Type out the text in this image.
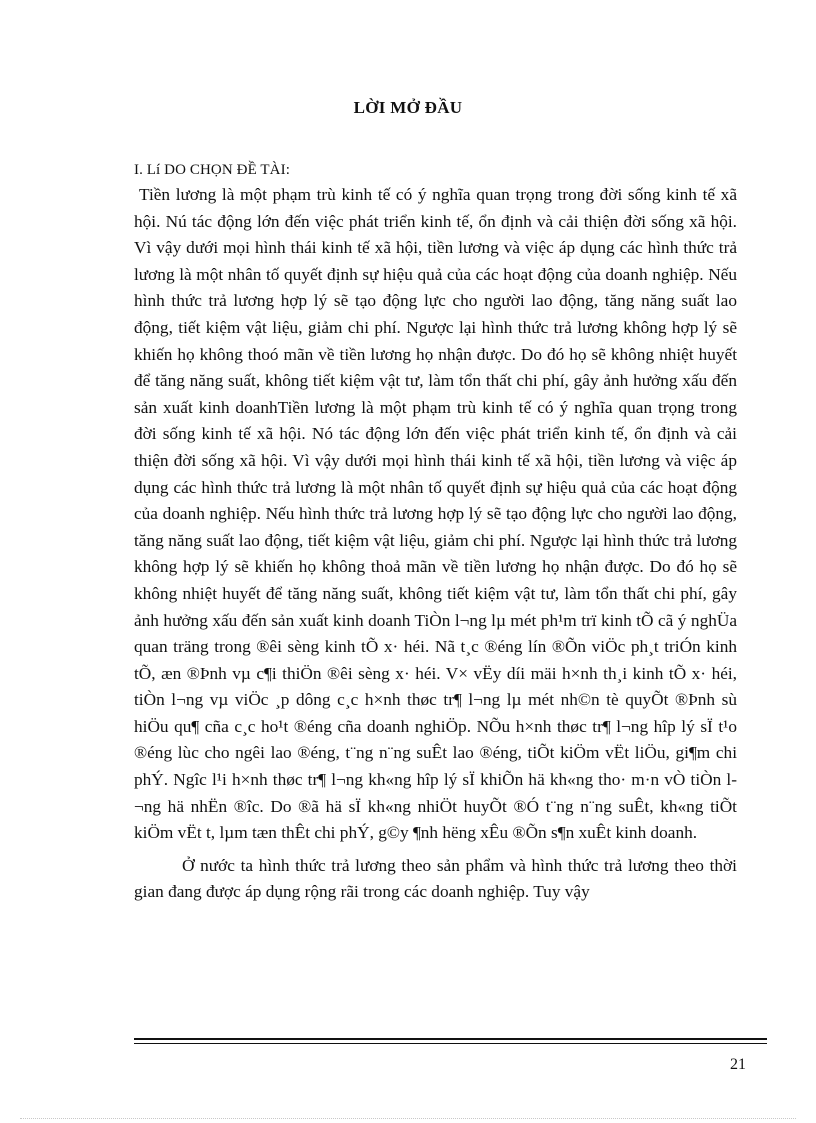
LỜI MỞ ĐẦU
I. Lí DO CHỌN ĐỀ TÀI:

Tiền lương là một phạm trù kinh tế có ý nghĩa quan trọng trong đời sống kinh tế xã hội. Nú tác động lớn đến việc phát triển kinh tế, ổn định và cải thiện đời sống xã hội. Vì vậy dưới mọi hình thái kinh tế xã hội, tiền lương và việc áp dụng các hình thức trả lương là một nhân tố quyết định sự hiệu quả của các hoạt động của doanh nghiệp. Nếu hình thức trả lương hợp lý sẽ tạo động lực cho người lao động, tăng năng suất lao động, tiết kiệm vật liệu, giảm chi phí. Ngược lại hình thức trả lương không hợp lý sẽ khiến họ không thoó mãn về tiền lương họ nhận được. Do đó họ sẽ không nhiệt huyết để tăng năng suất, không tiết kiệm vật tư, làm tổn thất chi phí, gây ảnh hưởng xấu đến sản xuất kinh doanhTiền lương là một phạm trù kinh tế có ý nghĩa quan trọng trong đời sống kinh tế xã hội. Nó tác động lớn đến việc phát triển kinh tế, ổn định và cải thiện đời sống xã hội. Vì vậy dưới mọi hình thái kinh tế xã hội, tiền lương và việc áp dụng các hình thức trả lương là một nhân tố quyết định sự hiệu quả của các hoạt động của doanh nghiệp. Nếu hình thức trả lương hợp lý sẽ tạo động lực cho người lao động, tăng năng suất lao động, tiết kiệm vật liệu, giảm chi phí. Ngược lại hình thức trả lương không hợp lý sẽ khiến họ không thoả mãn về tiền lương họ nhận được. Do đó họ sẽ không nhiệt huyết để tăng năng suất, không tiết kiệm vật tư, làm tổn thất chi phí, gây ảnh hưởng xấu đến sản xuất kinh doanh TiÒn l¬ng lµ mét ph¹m trï kinh tÕ cã ý nghÜa quan träng trong ®êi sèng kinh tÕ x· héi. Nã t¸c ®éng lín ®Õn viÖc ph¸t triÓn kinh tÕ, æn ®Þnh vµ c¶i thiÖn ®êi sèng x· héi. V× vËy díi mäi h×nh th¸i kinh tÕ x· héi, tiÒn l¬ng vµ viÖc ¸p dông c¸c h×nh thøc tr¶ l¬ng lµ mét nh©n tè quyÕt ®Þnh sù hiÖu qu¶ cña c¸c ho¹t ®éng cña doanh nghiÖp. NÕu h×nh thøc tr¶ l¬ng hîp lý sÏ t¹o ®éng lùc cho ngêi lao ®éng, t¨ng n¨ng suÊt lao ®éng, tiÕt kiÖm vËt liÖu, gi¶m chi phÝ. Ngîc l¹i h×nh thøc tr¶ l¬ng kh«ng hîp lý sÏ khiÕn hä kh«ng tho· m·n vÒ tiÒn l¬ng hä nhËn ®îc. Do ®ã hä sÏ kh«ng nhiÖt huyÕt ®Ó t¨ng n¨ng suÊt, kh«ng tiÕt kiÖm vËt t, lµm tæn thÊt chi phÝ, g©y ¶nh hëng xÊu ®Õn s¶n xuÊt kinh doanh.

Ở nước ta hình thức trả lương theo sản phẩm và hình thức trả lương theo thời gian đang được áp dụng rộng rãi trong các doanh nghiệp. Tuy vậy

21
